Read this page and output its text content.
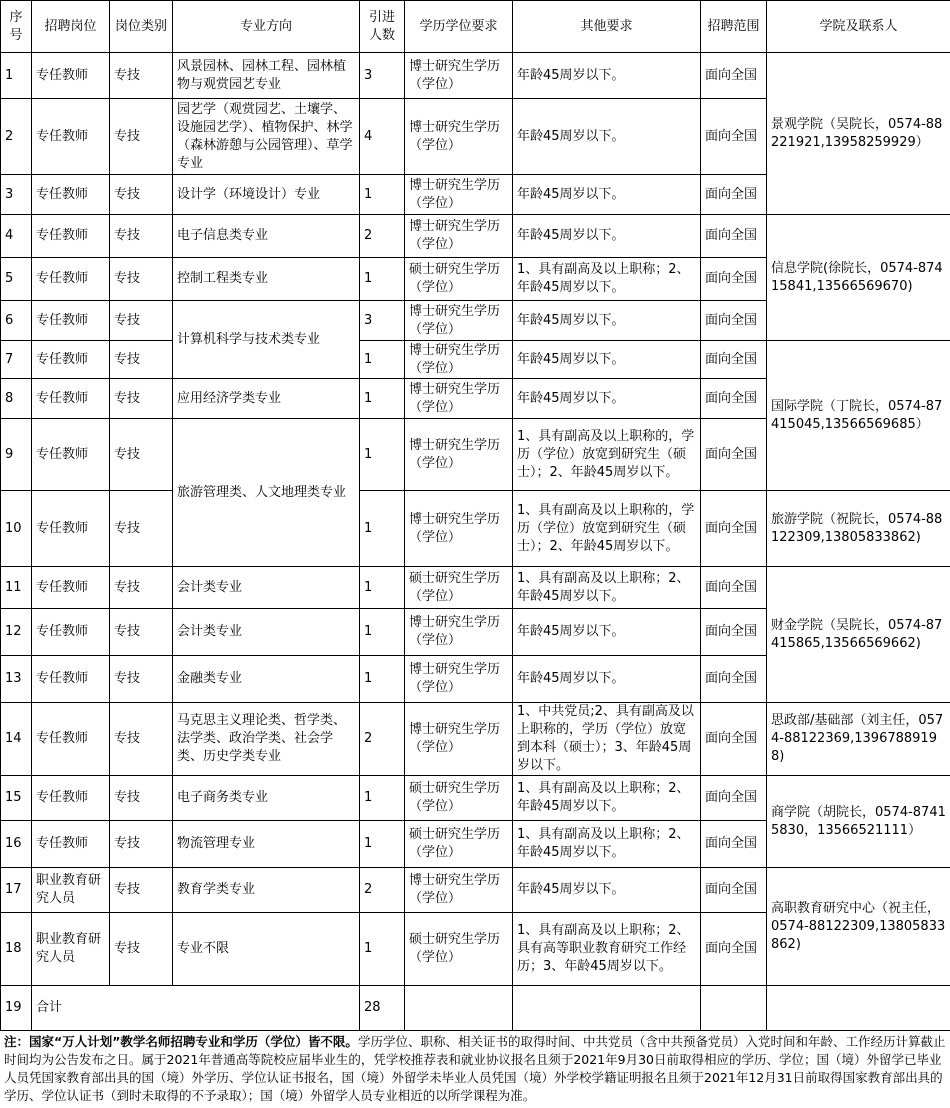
序号	招聘岗位	岗位类别	专业方向	引进人数	学历学位要求	其他要求	招聘范围	学院及联系人
1	专任教师	专技	风景园林、园林工程、园林植物与观赏园艺专业	3	博士研究生学历（学位）	年龄45周岁以下。	面向全国	景观学院（吴院长，0574-88221921,13958259929）
2	专任教师	专技	园艺学（观赏园艺、土壤学、设施园艺学）、植物保护、林学（森林游憩与公园管理）、草学专业	4	博士研究生学历（学位）	年龄45周岁以下。	面向全国	
3	专任教师	专技	设计学（环境设计）专业	1	博士研究生学历（学位）	年龄45周岁以下。	面向全国	
4	专任教师	专技	电子信息类专业	2	博士研究生学历（学位）	年龄45周岁以下。	面向全国	信息学院(徐院长，0574-87415841,13566569670)
5	专任教师	专技	控制工程类专业	1	硕士研究生学历（学位）	1、具有副高及以上职称；2、年龄45周岁以下。	面向全国	
6	专任教师	专技	计算机科学与技术类专业	3	博士研究生学历（学位）	年龄45周岁以下。	面向全国	
7	专任教师	专技		1	博士研究生学历（学位）	年龄45周岁以下。	面向全国	国际学院（丁院长，0574-87415045,13566569685）
8	专任教师	专技	应用经济学类专业	1	博士研究生学历（学位）	年龄45周岁以下。	面向全国	
9	专任教师	专技	旅游管理类、人文地理类专业	1	博士研究生学历（学位）	1、具有副高及以上职称的，学历（学位）放宽到研究生（硕士）；2、年龄45周岁以下。	面向全国	
10	专任教师	专技		1	博士研究生学历（学位）	1、具有副高及以上职称的，学历（学位）放宽到研究生（硕士）；2、年龄45周岁以下。	面向全国	旅游学院（祝院长，0574-88122309,13805833862)
11	专任教师	专技	会计类专业	1	硕士研究生学历（学位）	1、具有副高及以上职称；2、年龄45周岁以下。	面向全国	财金学院（吴院长，0574-87415865,13566569662)
12	专任教师	专技	会计类专业	1	博士研究生学历（学位）	年龄45周岁以下。	面向全国	
13	专任教师	专技	金融类专业	1	博士研究生学历（学位）	年龄45周岁以下。	面向全国	
14	专任教师	专技	马克思主义理论类、哲学类、法学类、政治学类、社会学类、历史学类专业	2	博士研究生学历（学位）	1、中共党员;2、具有副高及以上职称的，学历（学位）放宽到本科（硕士）；3、年龄45周岁以下。	面向全国	思政部/基础部（刘主任，0574-88122369,13967889198)
15	专任教师	专技	电子商务类专业	1	硕士研究生学历（学位）	1、具有副高及以上职称；2、年龄45周岁以下。	面向全国	商学院（胡院长，0574-87415830，13566521111）
16	专任教师	专技	物流管理专业	1	硕士研究生学历（学位）	1、具有副高及以上职称；2、年龄45周岁以下。	面向全国	
17	职业教育研究人员	专技	教育学类专业	2	博士研究生学历（学位）	年龄45周岁以下。	面向全国	高职教育研究中心（祝主任，0574-88122309,13805833862)
18	职业教育研究人员	专技	专业不限	1	硕士研究生学历（学位）	1、具有副高及以上职称；2、具有高等职业教育研究工作经历；3、年龄45周岁以下。	面向全国	
19	合计			28				
注：国家“万人计划”教学名师招聘专业和学历（学位）皆不限。学历学位、职称、相关证书的取得时间、中共党员（含中共预备党员）入党时间和年龄、工作经历计算截止时间均为公告发布之日。属于2021年普通高等院校应届毕业生的，凭学校推荐表和就业协议报名且须于2021年9月30日前取得相应的学历、学位；国（境）外留学已毕业人员凭国家教育部出具的国（境）外学历、学位认证书报名，国（境）外留学未毕业人员凭国（境）外学校学籍证明报名且须于2021年12月31日前取得国家教育部出具的学历、学位认证书（到时未取得的不予录取）；国（境）外留学人员专业相近的以所学课程为准。
